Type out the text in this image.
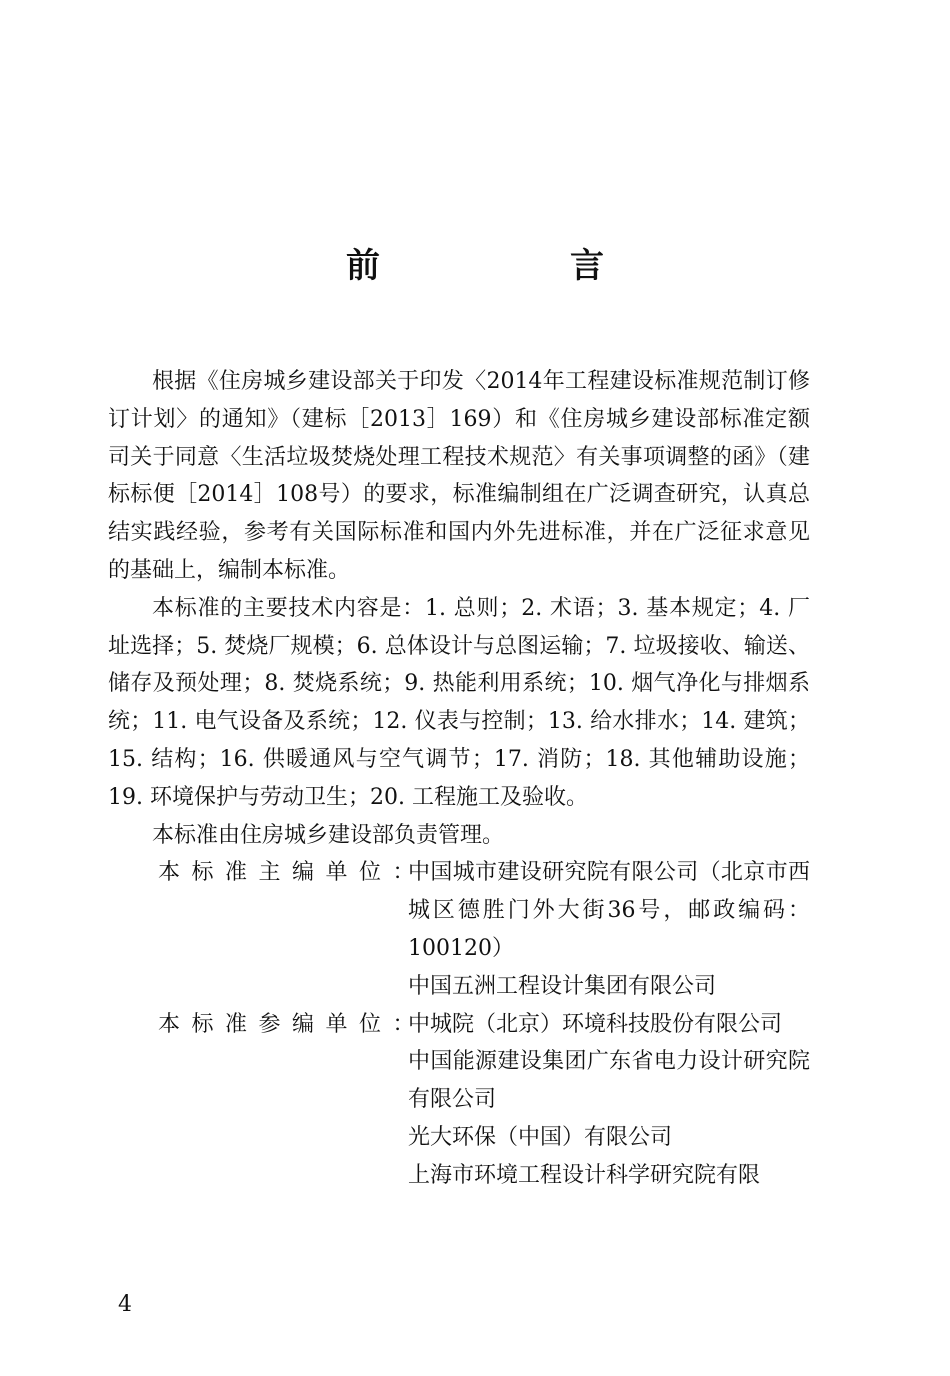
前　言

根据《住房城乡建设部关于印发〈2014年工程建设标准规范制订修订计划〉的通知》（建标［2013］169）和《住房城乡建设部标准定额司关于同意〈生活垃圾焚烧处理工程技术规范〉有关事项调整的函》（建标标便［2014］108号）的要求，标准编制组在广泛调查研究，认真总结实践经验，参考有关国际标准和国内外先进标准，并在广泛征求意见的基础上，编制本标准。

本标准的主要技术内容是：1. 总则；2. 术语；3. 基本规定；4. 厂址选择；5. 焚烧厂规模；6. 总体设计与总图运输；7. 垃圾接收、输送、储存及预处理；8. 焚烧系统；9. 热能利用系统；10. 烟气净化与排烟系统；11. 电气设备及系统；12. 仪表与控制；13. 给水排水；14. 建筑；15. 结构；16. 供暖通风与空气调节；17. 消防；18. 其他辅助设施；19. 环境保护与劳动卫生；20. 工程施工及验收。

本标准由住房城乡建设部负责管理。

本标准主编单位：
中国城市建设研究院有限公司（北京市西城区德胜门外大街36号，邮政编码：100120）
中国五洲工程设计集团有限公司
本标准参编单位：
中城院（北京）环境科技股份有限公司
中国能源建设集团广东省电力设计研究院有限公司
光大环保（中国）有限公司
上海市环境工程设计科学研究院有限
4
